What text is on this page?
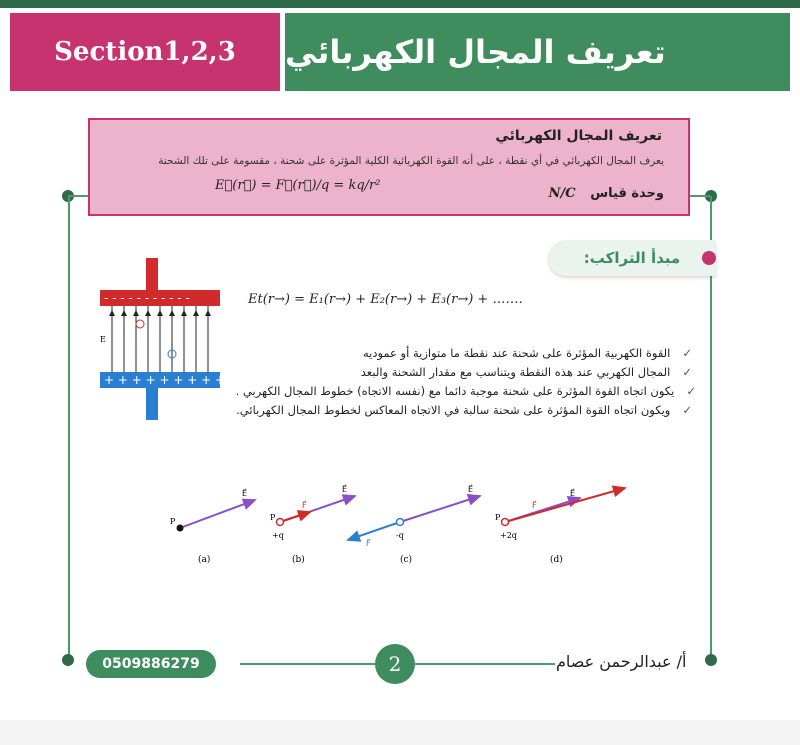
Section1,2,3	تعريف المجال الكهربائي
تعريف المجال الكهربائي
يعرف المجال الكهربائي في أي نقطة ، على أنه القوة الكهربائية الكلية المؤثرة على شحنة ، مقسومة على تلك الشحنة
وحدة قياس N/C
E⃗(r⃗) = F⃗(r⃗)/q = kq/r²
مبدأ التراكب:
- - - - - - - - - - -
E
+ + + + + + + + + +
Et(r→) = E₁(r→) + E₂(r→) + E₃(r→) + …….
✓ القوة الكهربية المؤثرة على شحنة عند نقطة ما متوازية أو عموديه
✓ المجال الكهربي عند هذه النقطة ويتناسب مع مقدار الشحنة والبعد
✓ يكون اتجاه القوة المؤثرة على شحنة موجبة دائما مع (نفسه الاتجاه) خطوط المجال الكهربي .
✓ ويكون اتجاه القوة المؤثرة على شحنة سالبة في الاتجاه المعاكس لخطوط المجال الكهربائي.
P
E⃗
(a)
P
+q
E⃗
F⃗
(b)
-q
E⃗
F⃗
(c)
P
+2q
E⃗
F⃗
(d)
0509886279	2	أ/ عبدالرحمن عصام
